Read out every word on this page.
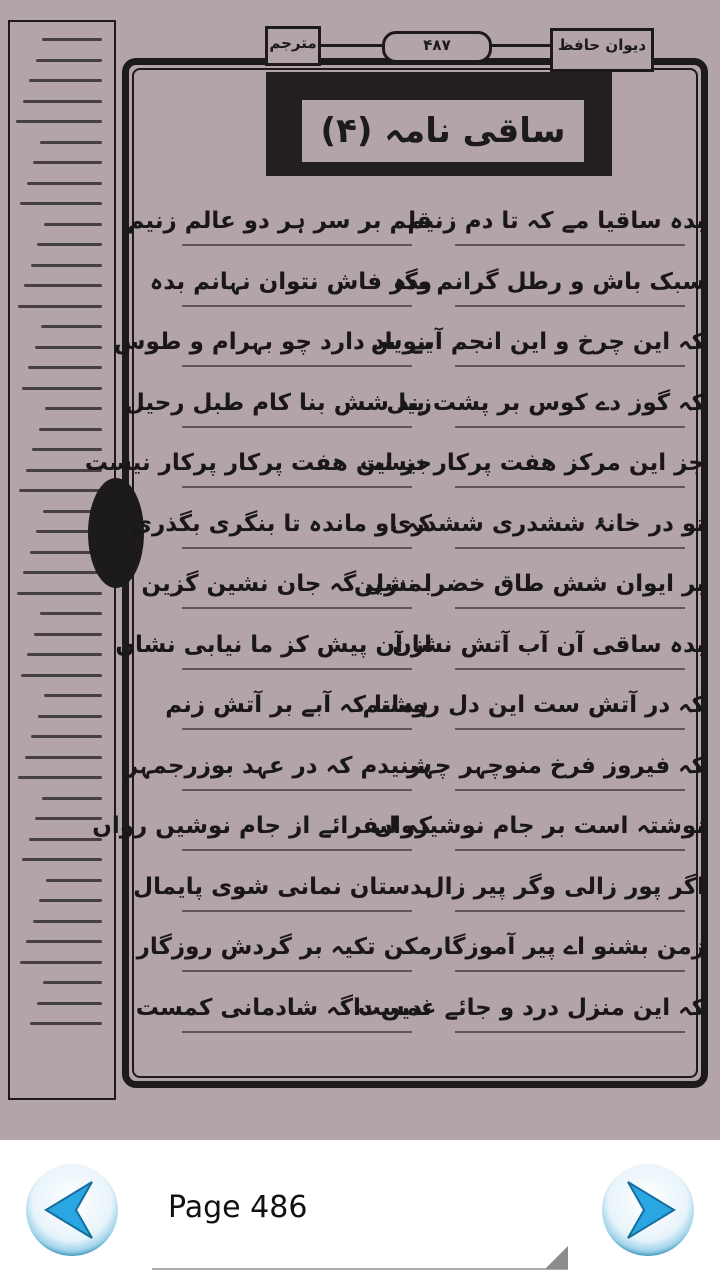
مترجم	۴۸۷	دیوان حافظ
ساقی نامہ (۴)
بدہ ساقیا مے کہ تا دم زنیم
سبک باش و رطل گرانم بدہ
کہ این چرخ و این انجم آبنوس
کہ گوز دے کوس بر پشت پیل
جز این مرکز هفت پرکار نیست
تو در خانۂ ششدری ششدری
بر ایوان شش طاق خضرا نشین
بدہ ساقی آن آب آتش نشان
کہ در آتش ست این دل روشنم
کہ فیروز فرخ منوچہر چہر
نوشتہ است بر جام نوشیرواں
اگر پور زالی وگر پیر زال
زمن بشنو اے پیر آموزگار
کہ این منزل درد و جائے غمست
قلم بر سر ہر دو عالم زنیم
وگر فاش نتوان نہانم بدہ
بے یاد دارد چو بہرام و طوس
زند شش بنا کام طبل رحیل
جز این هفت پرکار پرکار نیست
کہ او ماندہ تا بنگری بگذری
بمنزل گہ جان نشین گزین
از آن پیش کز ما نیابی نشان
ہمانا کہ آبے بر آتش زنم
شنیدم کہ در عہد بوزرجمہر
کہ لبفرائے از جام نوشیں رواں
بدستان نمانی شوی پایمال
مکن تکیہ بر گردش روزگار
ندیں داگہ شادمانی کمست
Page 486
